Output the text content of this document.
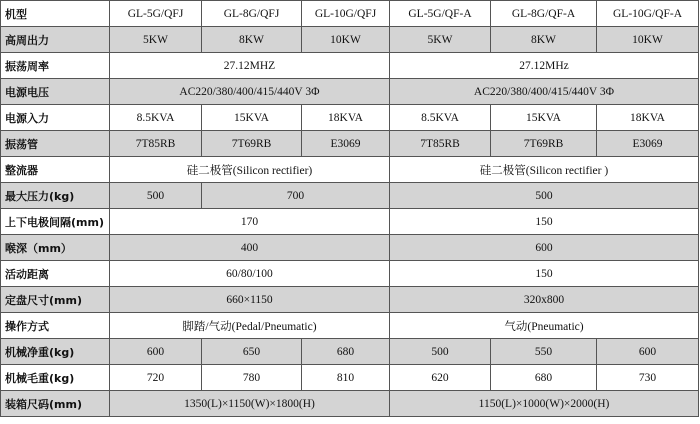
机型	GL-5G/QFJ	GL-8G/QFJ	GL-10G/QFJ	GL-5G/QF-A	GL-8G/QF-A	GL-10G/QF-A
高周出力	5KW	8KW	10KW	5KW	8KW	10KW
振荡周率	27.12MHZ			27.12MHz		
电源电压	AC220/380/400/415/440V 3Φ			AC220/380/400/415/440V 3Φ		
电源入力	8.5KVA	15KVA	18KVA	8.5KVA	15KVA	18KVA
振荡管	7T85RB	7T69RB	E3069	7T85RB	7T69RB	E3069
整流器	硅二极管(Silicon rectifier)			硅二极管(Silicon rectifier )		
最大压力(kg)	500	700		500		
上下电极间隔(mm)	170			150		
喉深（mm）	400			600		
活动距离	60/80/100			150		
定盘尺寸(mm)	660×1150			320x800		
操作方式	脚踏/气动(Pedal/Pneumatic)			气动(Pneumatic)		
机械净重(kg)	600	650	680	500	550	600
机械毛重(kg)	720	780	810	620	680	730
装箱尺码(mm)	1350(L)×1150(W)×1800(H)			1150(L)×1000(W)×2000(H)		
